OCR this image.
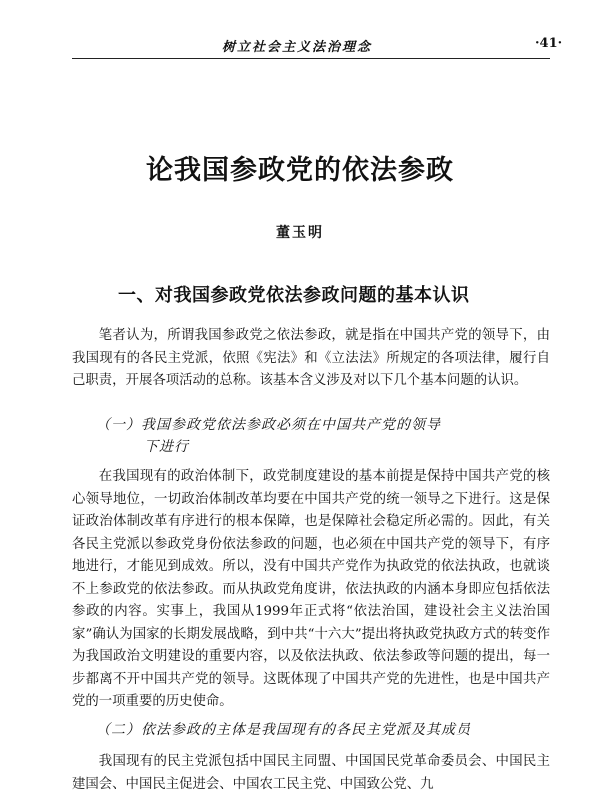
树立社会主义法治理念	·41·
论我国参政党的依法参政
董玉明
一、对我国参政党依法参政问题的基本认识
笔者认为，所谓我国参政党之依法参政，就是指在中国共产党的领导下，由我国现有的各民主党派，依照《宪法》和《立法法》所规定的各项法律，履行自己职责，开展各项活动的总称。该基本含义涉及对以下几个基本问题的认识。
（一）我国参政党依法参政必须在中国共产党的领导
下进行
在我国现有的政治体制下，政党制度建设的基本前提是保持中国共产党的核心领导地位，一切政治体制改革均要在中国共产党的统一领导之下进行。这是保证政治体制改革有序进行的根本保障，也是保障社会稳定所必需的。因此，有关各民主党派以参政党身份依法参政的问题，也必须在中国共产党的领导下，有序地进行，才能见到成效。所以，没有中国共产党作为执政党的依法执政，也就谈不上参政党的依法参政。而从执政党角度讲，依法执政的内涵本身即应包括依法参政的内容。实事上，我国从1999年正式将“依法治国，建设社会主义法治国家”确认为国家的长期发展战略，到中共“十六大”提出将执政党执政方式的转变作为我国政治文明建设的重要内容，以及依法执政、依法参政等问题的提出，每一步都离不开中国共产党的领导。这既体现了中国共产党的先进性，也是中国共产党的一项重要的历史使命。
（二）依法参政的主体是我国现有的各民主党派及其成员
我国现有的民主党派包括中国民主同盟、中国国民党革命委员会、中国民主建国会、中国民主促进会、中国农工民主党、中国致公党、九
